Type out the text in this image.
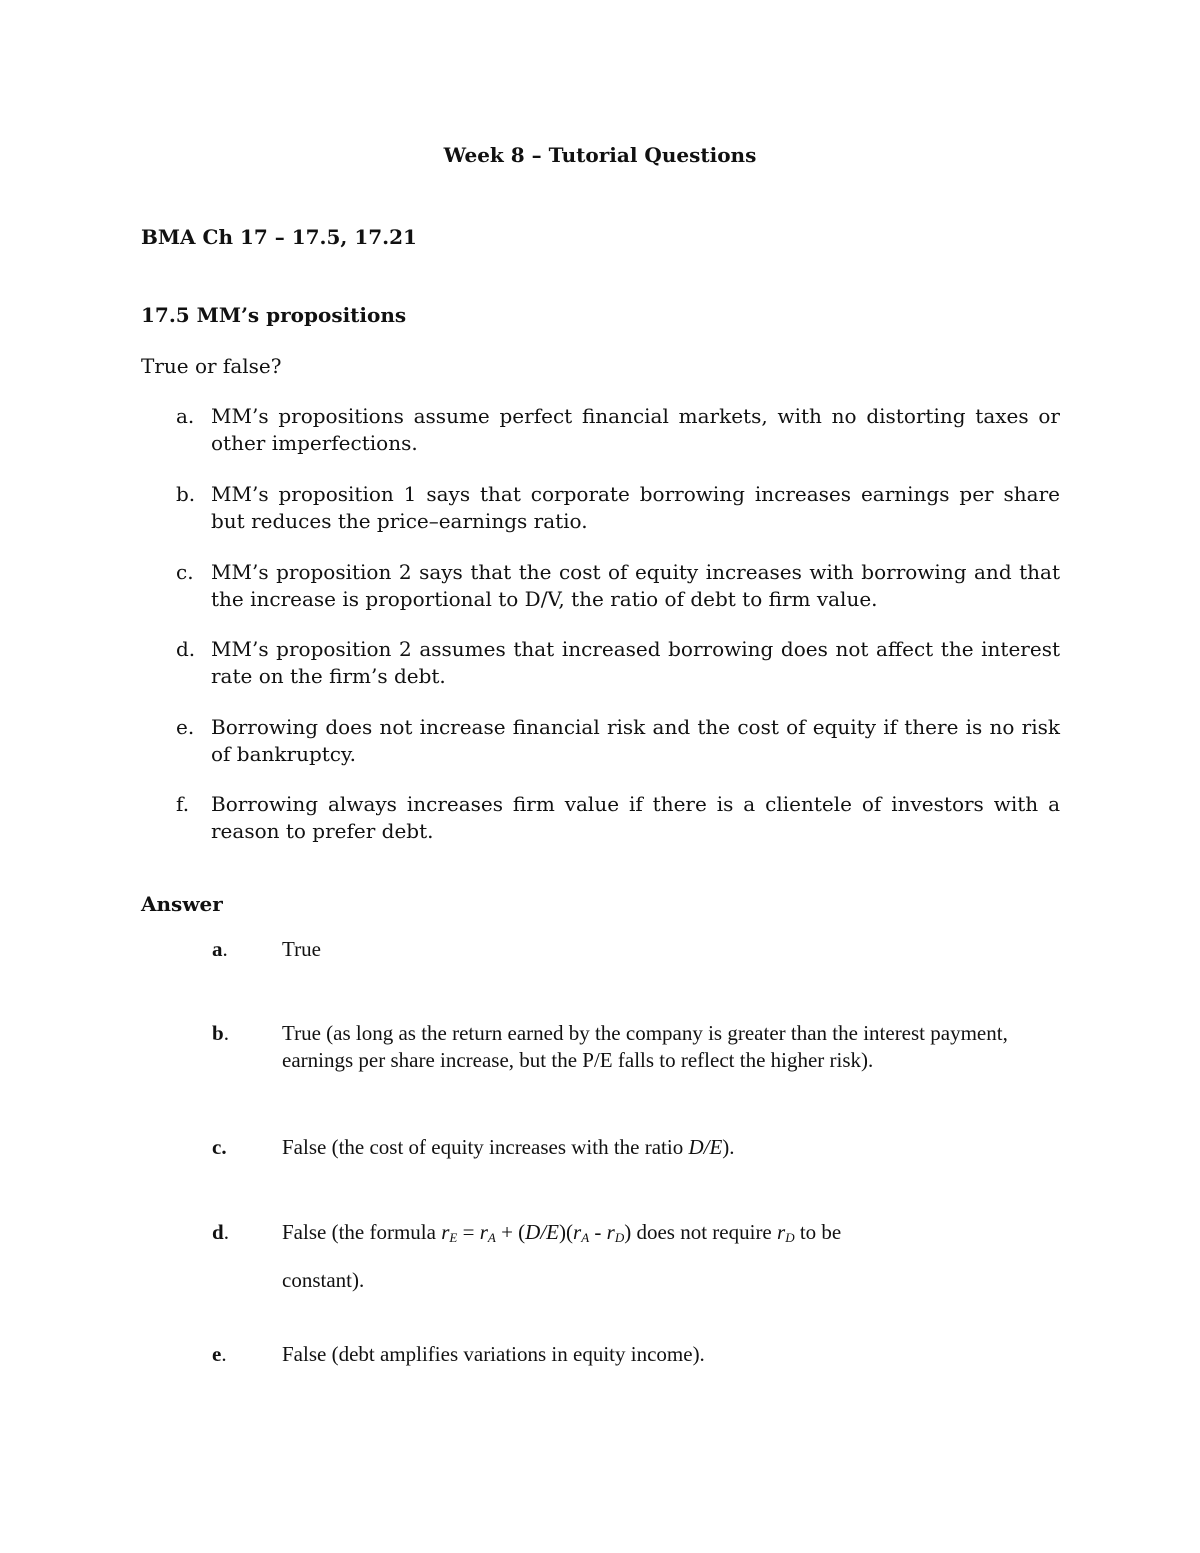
Week 8 – Tutorial Questions
BMA Ch 17 – 17.5, 17.21
17.5 MM’s propositions
True or false?
a. MM’s propositions assume perfect financial markets, with no distorting taxes or other imperfections.
b. MM’s proposition 1 says that corporate borrowing increases earnings per share but reduces the price–earnings ratio.
c. MM’s proposition 2 says that the cost of equity increases with borrowing and that the increase is proportional to D/V, the ratio of debt to firm value.
d. MM’s proposition 2 assumes that increased borrowing does not affect the interest rate on the firm’s debt.
e. Borrowing does not increase financial risk and the cost of equity if there is no risk of bankruptcy.
f.	Borrowing always increases firm value if there is a clientele of investors with a reason to prefer debt.
Answer
a.	True
b.	True (as long as the return earned by the company is greater than the interest payment, earnings per share increase, but the P/E falls to reflect the higher risk).
c.	False (the cost of equity increases with the ratio D/E).
d.	False (the formula $r_E = r_A + (D/E)(r_A - r_D)$ does not require $r_D$ to be
constant).
e.	False (debt amplifies variations in equity income).
